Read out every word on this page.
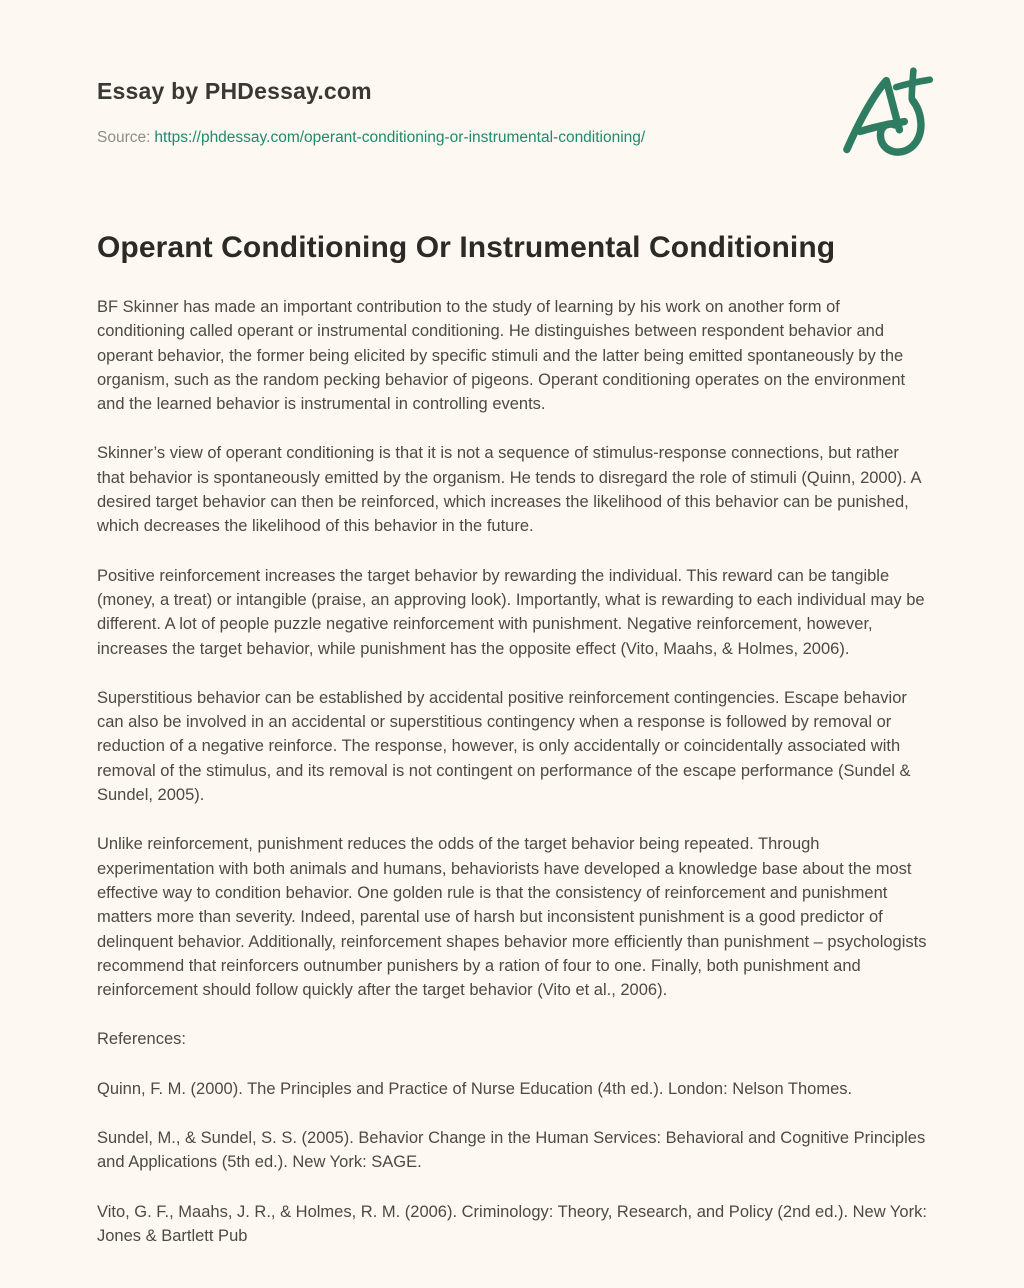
Essay by PHDessay.com
Source: https://phdessay.com/operant-conditioning-or-instrumental-conditioning/
Operant Conditioning Or Instrumental Conditioning

BF Skinner has made an important contribution to the study of learning by his work on another form of conditioning called operant or instrumental conditioning. He distinguishes between respondent behavior and operant behavior, the former being elicited by specific stimuli and the latter being emitted spontaneously by the organism, such as the random pecking behavior of pigeons. Operant conditioning operates on the environment and the learned behavior is instrumental in controlling events.

Skinner’s view of operant conditioning is that it is not a sequence of stimulus-response connections, but rather that behavior is spontaneously emitted by the organism. He tends to disregard the role of stimuli (Quinn, 2000). A desired target behavior can then be reinforced, which increases the likelihood of this behavior can be punished, which decreases the likelihood of this behavior in the future.

Positive reinforcement increases the target behavior by rewarding the individual. This reward can be tangible (money, a treat) or intangible (praise, an approving look). Importantly, what is rewarding to each individual may be different. A lot of people puzzle negative reinforcement with punishment. Negative reinforcement, however, increases the target behavior, while punishment has the opposite effect (Vito, Maahs, & Holmes, 2006).

Superstitious behavior can be established by accidental positive reinforcement contingencies. Escape behavior can also be involved in an accidental or superstitious contingency when a response is followed by removal or reduction of a negative reinforce. The response, however, is only accidentally or coincidentally associated with removal of the stimulus, and its removal is not contingent on performance of the escape performance (Sundel & Sundel, 2005).

Unlike reinforcement, punishment reduces the odds of the target behavior being repeated. Through experimentation with both animals and humans, behaviorists have developed a knowledge base about the most effective way to condition behavior. One golden rule is that the consistency of reinforcement and punishment matters more than severity. Indeed, parental use of harsh but inconsistent punishment is a good predictor of delinquent behavior. Additionally, reinforcement shapes behavior more efficiently than punishment – psychologists recommend that reinforcers outnumber punishers by a ration of four to one. Finally, both punishment and reinforcement should follow quickly after the target behavior (Vito et al., 2006).

References:

Quinn, F. M. (2000). The Principles and Practice of Nurse Education (4th ed.). London: Nelson Thomes.

Sundel, M., & Sundel, S. S. (2005). Behavior Change in the Human Services: Behavioral and Cognitive Principles and Applications (5th ed.). New York: SAGE.

Vito, G. F., Maahs, J. R., & Holmes, R. M. (2006). Criminology: Theory, Research, and Policy (2nd ed.). New York: Jones & Bartlett Pub
